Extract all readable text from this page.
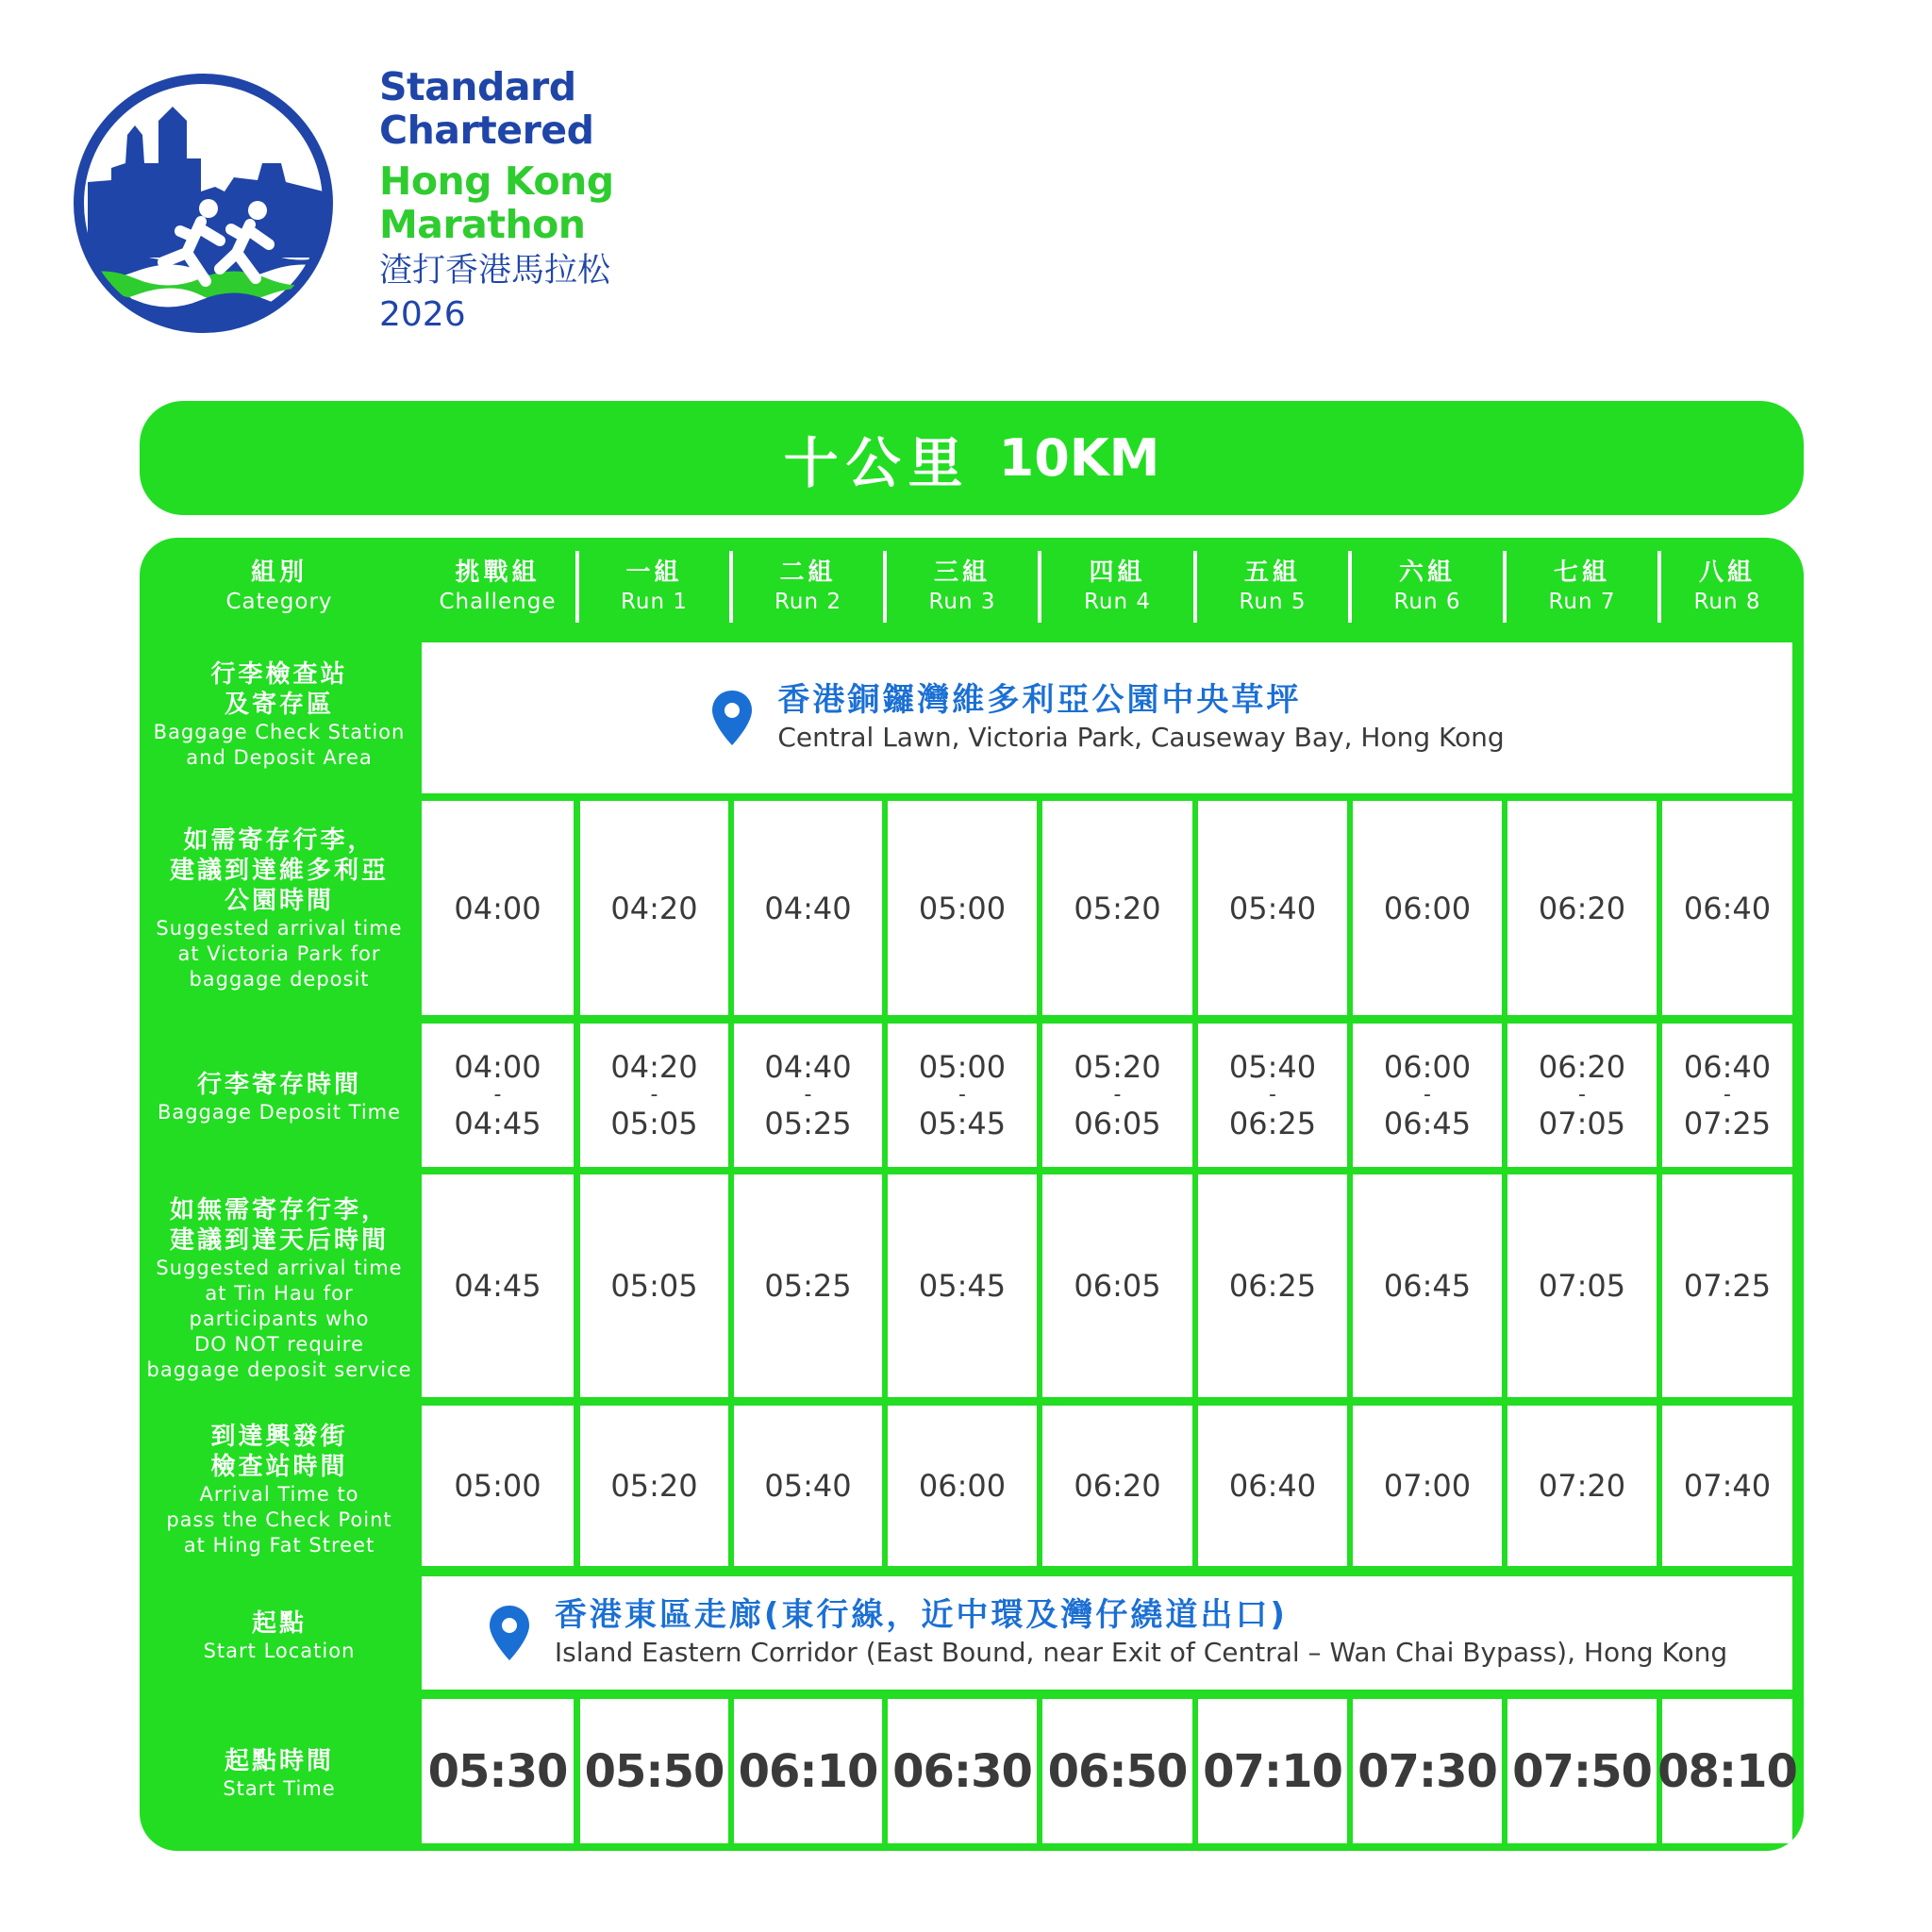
Standard
Chartered
Hong Kong
Marathon
渣打香港馬拉松
2026
十公里 10KM
組別
Category
挑戰組
Challenge
一組
Run 1
二組
Run 2
三組
Run 3
四組
Run 4
五組
Run 5
六組
Run 6
七組
Run 7
八組
Run 8
行李檢查站
及寄存區
Baggage Check Station
and Deposit Area
如需寄存行李，
建議到達維多利亞
公園時間
Suggested arrival time
at Victoria Park for
baggage deposit
行李寄存時間
Baggage Deposit Time
如無需寄存行李，
建議到達天后時間
Suggested arrival time
at Tin Hau for
participants who
DO NOT require
baggage deposit service
到達興發街
檢查站時間
Arrival Time to
pass the Check Point
at Hing Fat Street
起點
Start Location
起點時間
Start Time
香港銅鑼灣維多利亞公園中央草坪
Central Lawn, Victoria Park, Causeway Bay, Hong Kong
香港東區走廊(東行線，近中環及灣仔繞道出口)
Island Eastern Corridor (East Bound, near Exit of Central – Wan Chai Bypass), Hong Kong
04:00 04:20 04:40 05:00 05:20 05:40 06:00 06:20 06:40
04:00
-
04:45
04:20
-
05:05
04:40
-
05:25
05:00
-
05:45
05:20
-
06:05
05:40
-
06:25
06:00
-
06:45
06:20
-
07:05
06:40
-
07:25
04:45 05:05 05:25 05:45 06:05 06:25 06:45 07:05 07:25
05:00 05:20 05:40 06:00 06:20 06:40 07:00 07:20 07:40
05:30 05:50 06:10 06:30 06:50 07:10 07:30 07:50 08:10
